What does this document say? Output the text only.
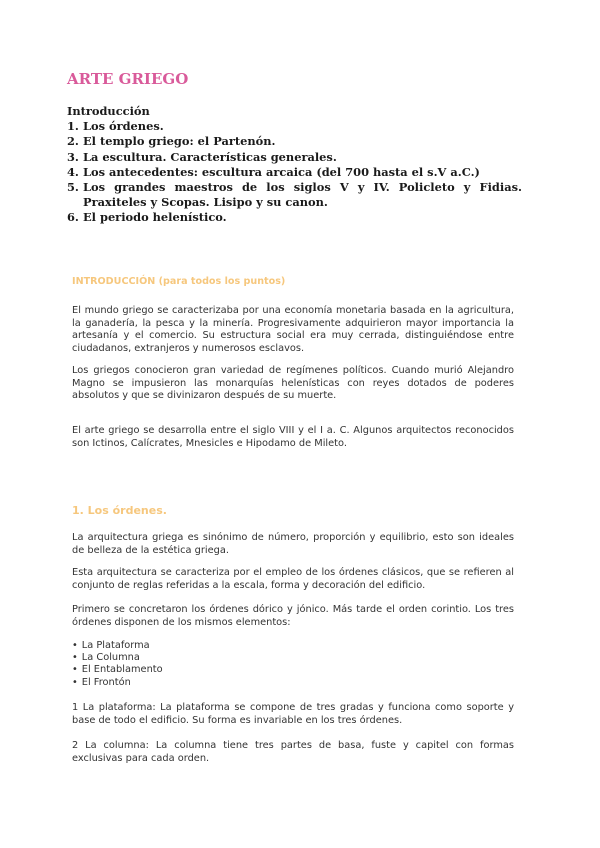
ARTE GRIEGO
Introducción
1. Los órdenes.
2. El templo griego: el Partenón.
3. La escultura. Características generales.
4. Los antecedentes: escultura arcaica (del 700 hasta el s.V a.C.)
5. Los grandes maestros de los siglos V y IV. Policleto y Fidias. Praxiteles y Scopas. Lisipo y su canon.
6. El periodo helenístico.
INTRODUCCIÓN (para todos los puntos)

El mundo griego se caracterizaba por una economía monetaria basada en la agricultura, la ganadería, la pesca y la minería. Progresivamente adquirieron mayor importancia la artesanía y el comercio. Su estructura social era muy cerrada, distinguiéndose entre ciudadanos, extranjeros y numerosos esclavos.

Los griegos conocieron gran variedad de regímenes políticos. Cuando murió Alejandro Magno se impusieron las monarquías helenísticas con reyes dotados de poderes absolutos y que se divinizaron después de su muerte.

El arte griego se desarrolla entre el siglo VIII y el I a. C. Algunos arquitectos reconocidos son Ictinos, Calícrates, Mnesicles e Hipodamo de Mileto.

1. Los órdenes.

La arquitectura griega es sinónimo de número, proporción y equilibrio, esto son ideales de belleza de la estética griega.

Esta arquitectura se caracteriza por el empleo de los órdenes clásicos, que se refieren al conjunto de reglas referidas a la escala, forma y decoración del edificio.

Primero se concretaron los órdenes dórico y jónico. Más tarde el orden corintio. Los tres órdenes disponen de los mismos elementos:

• La Plataforma
• La Columna
• El Entablamento
• El Frontón

1 La plataforma: La plataforma se compone de tres gradas y funciona como soporte y base de todo el edificio. Su forma es invariable en los tres órdenes.

2 La columna: La columna tiene tres partes de basa, fuste y capitel con formas exclusivas para cada orden.
